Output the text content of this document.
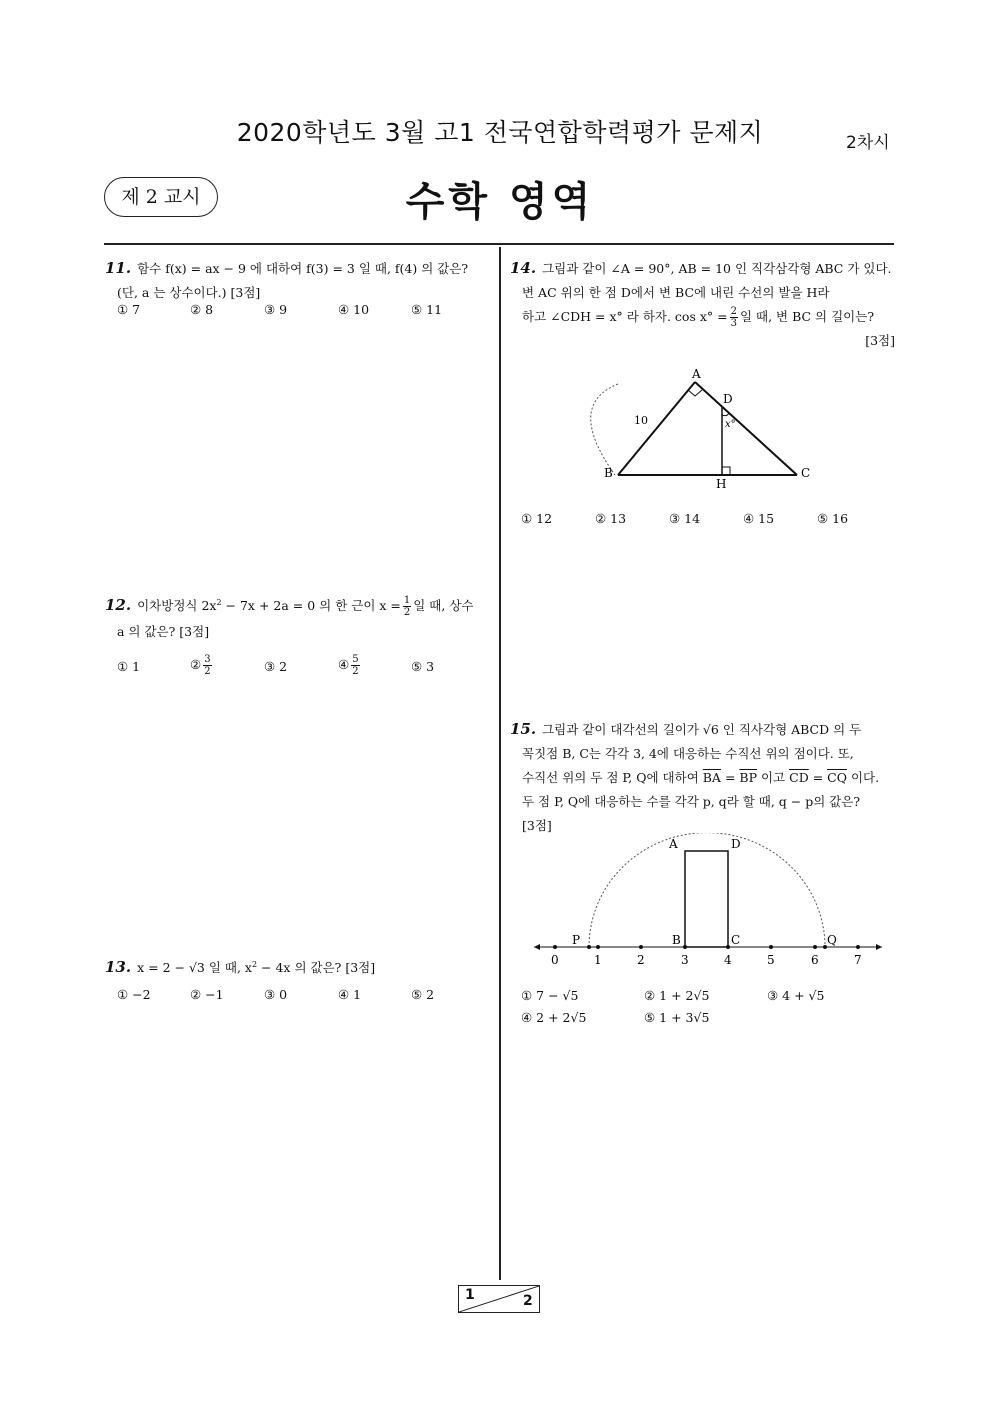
2020학년도 3월 고1 전국연합학력평가 문제지	2차시
제 2 교시	수학 영역
11. 함수 f(x) = ax − 9 에 대하여 f(3) = 3 일 때, f(4) 의 값은?
(단, a 는 상수이다.) [3점]
① 7	② 8	③ 9	④ 10	⑤ 11
12. 이차방정식 $2x^2 - 7x + 2a = 0$ 의 한 근이 $x = \frac{1}{2}$ 일 때, 상수
a 의 값은? [3점]
① 1	② $\frac{3}{2}$	③ 2	④ $\frac{5}{2}$	⑤ 3
13. x = 2 − √3 일 때, $x^2 - 4x$ 의 값은? [3점]
① −2	② −1	③ 0	④ 1	⑤ 2
14. 그림과 같이 ∠A = 90°, AB = 10 인 직각삼각형 ABC 가 있다.
변 AC 위의 한 점 D에서 변 BC에 내린 수선의 발을 H라
하고 ∠CDH = x° 라 하자. $\cos x^\circ = \frac{2}{3}$ 일 때, 변 BC 의 길이는?
[3점]
A
B	C
D
H
10	x°
① 12	② 13	③ 14	④ 15	⑤ 16
15. 그림과 같이 대각선의 길이가 √6 인 직사각형 ABCD 의 두
꼭짓점 B, C는 각각 3, 4에 대응하는 수직선 위의 점이다. 또,
수직선 위의 두 점 P, Q에 대하여 $\overline{BA} = \overline{BP}$ 이고 $\overline{CD} = \overline{CQ}$ 이다.
두 점 P, Q에 대응하는 수를 각각 p, q라 할 때, q − p의 값은?
[3점]
0	1	2	3	4	5	6	7
A	D
B	C
P	Q
① 7 − √5	② 1 + 2√5	③ 4 + √5
④ 2 + 2√5	⑤ 1 + 3√5
1	2
